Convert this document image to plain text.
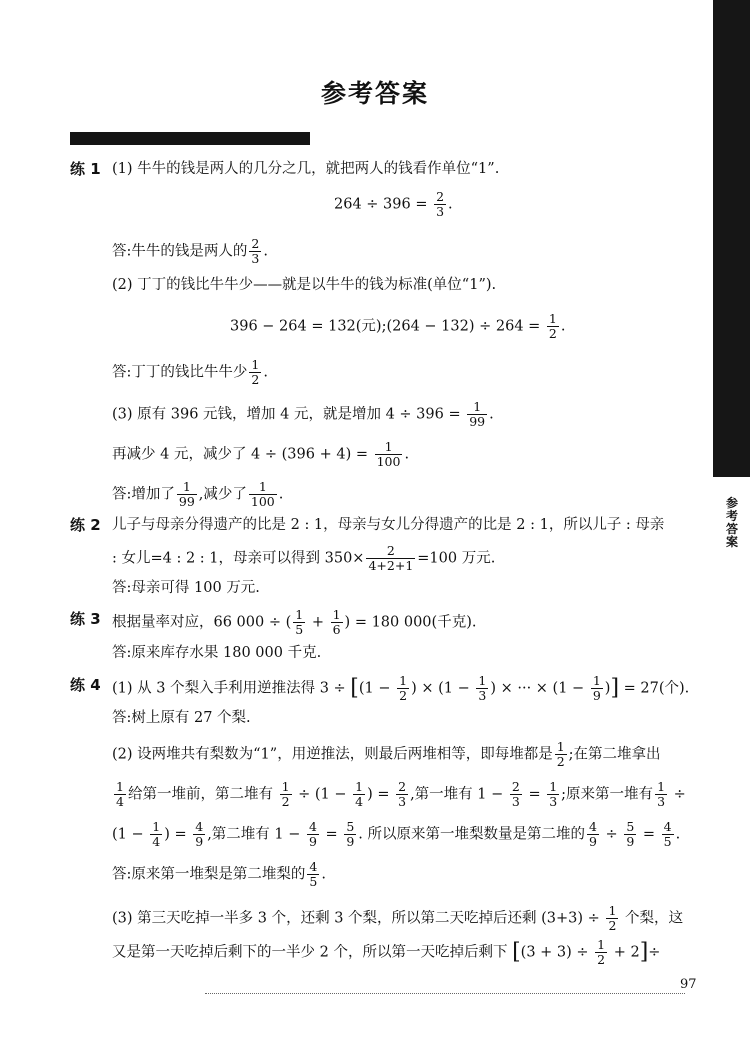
参考答案
参考答案
练 1 (1) 牛牛的钱是两人的几分之几，就把两人的钱看作单位“1”.
$264 \div 396 = \frac{2}{3}$ .
答:牛牛的钱是两人的 $\frac{2}{3}$ .
(2) 丁丁的钱比牛牛少——就是以牛牛的钱为标准(单位“1”).
396 − 264 = 132(元);(264 − $132) \div 264 = \frac{1}{2}$ .
答:丁丁的钱比牛牛少 $\frac{1}{2}$ .
(3) 原有 396 元钱，增加 4 元，就是增加 $4 \div 396 = \frac{1}{99}$ .
再减少 4 元，减少了 $4 \div (396 + 4) = \frac{1}{100}$ .
答:增加了 $\frac{1}{99}$ ,减少了 $\frac{1}{100}$ .
练 2 儿子与母亲分得遗产的比是 2 : 1，母亲与女儿分得遗产的比是 2 : 1，所以儿子 : 母亲
: 女儿=4 : 2 : 1，母亲可以得到 $350\times \frac{2}{4+2+1} =100$ 万元.
答:母亲可得 100 万元.
练 3 根据量率对应，66 000 ÷ ( $\frac{1}{5} + \frac{1}{6}$ ) = 180 000(千克).
答:原来库存水果 180 000 千克.
练 4 (1) 从 3 个梨入手利用逆推法得 $3 \div [(1 - \frac{1}{2}$ ) × ($1 - \frac{1}{3}$ ) × ··· × ($1 - \frac{1}{9}$ )] = 27(个).
答:树上原有 27 个梨.
(2) 设两堆共有梨数为“1”，用逆推法，则最后两堆相等，即每堆都是 $\frac{1}{2}$ ;在第二堆拿出
$\frac{1}{4}$ 给第一堆前，第二堆有 $\frac{1}{2} \div (1 - \frac{1}{4}$ ) = $\frac{2}{3}$ ,第一堆有 $1 - \frac{2}{3} = \frac{1}{3}$ ;原来第一堆有 $\frac{1}{3}$ ÷
($1 - \frac{1}{4}$ ) = $\frac{4}{9}$ ,第二堆有 $1 - \frac{4}{9} = \frac{5}{9}$ . 所以原来第一堆梨数量是第二堆的 $\frac{4}{9} \div \frac{5}{9} = \frac{4}{5}$ .
答:原来第一堆梨是第二堆梨的 $\frac{4}{5}$ .
(3) 第三天吃掉一半多 3 个，还剩 3 个梨，所以第二天吃掉后还剩 $(3+3) \div \frac{1}{2}$ 个梨，这
又是第一天吃掉后剩下的一半少 2 个，所以第一天吃掉后剩下 $[(3 + 3) \div \frac{1}{2} + 2]\div$
97
